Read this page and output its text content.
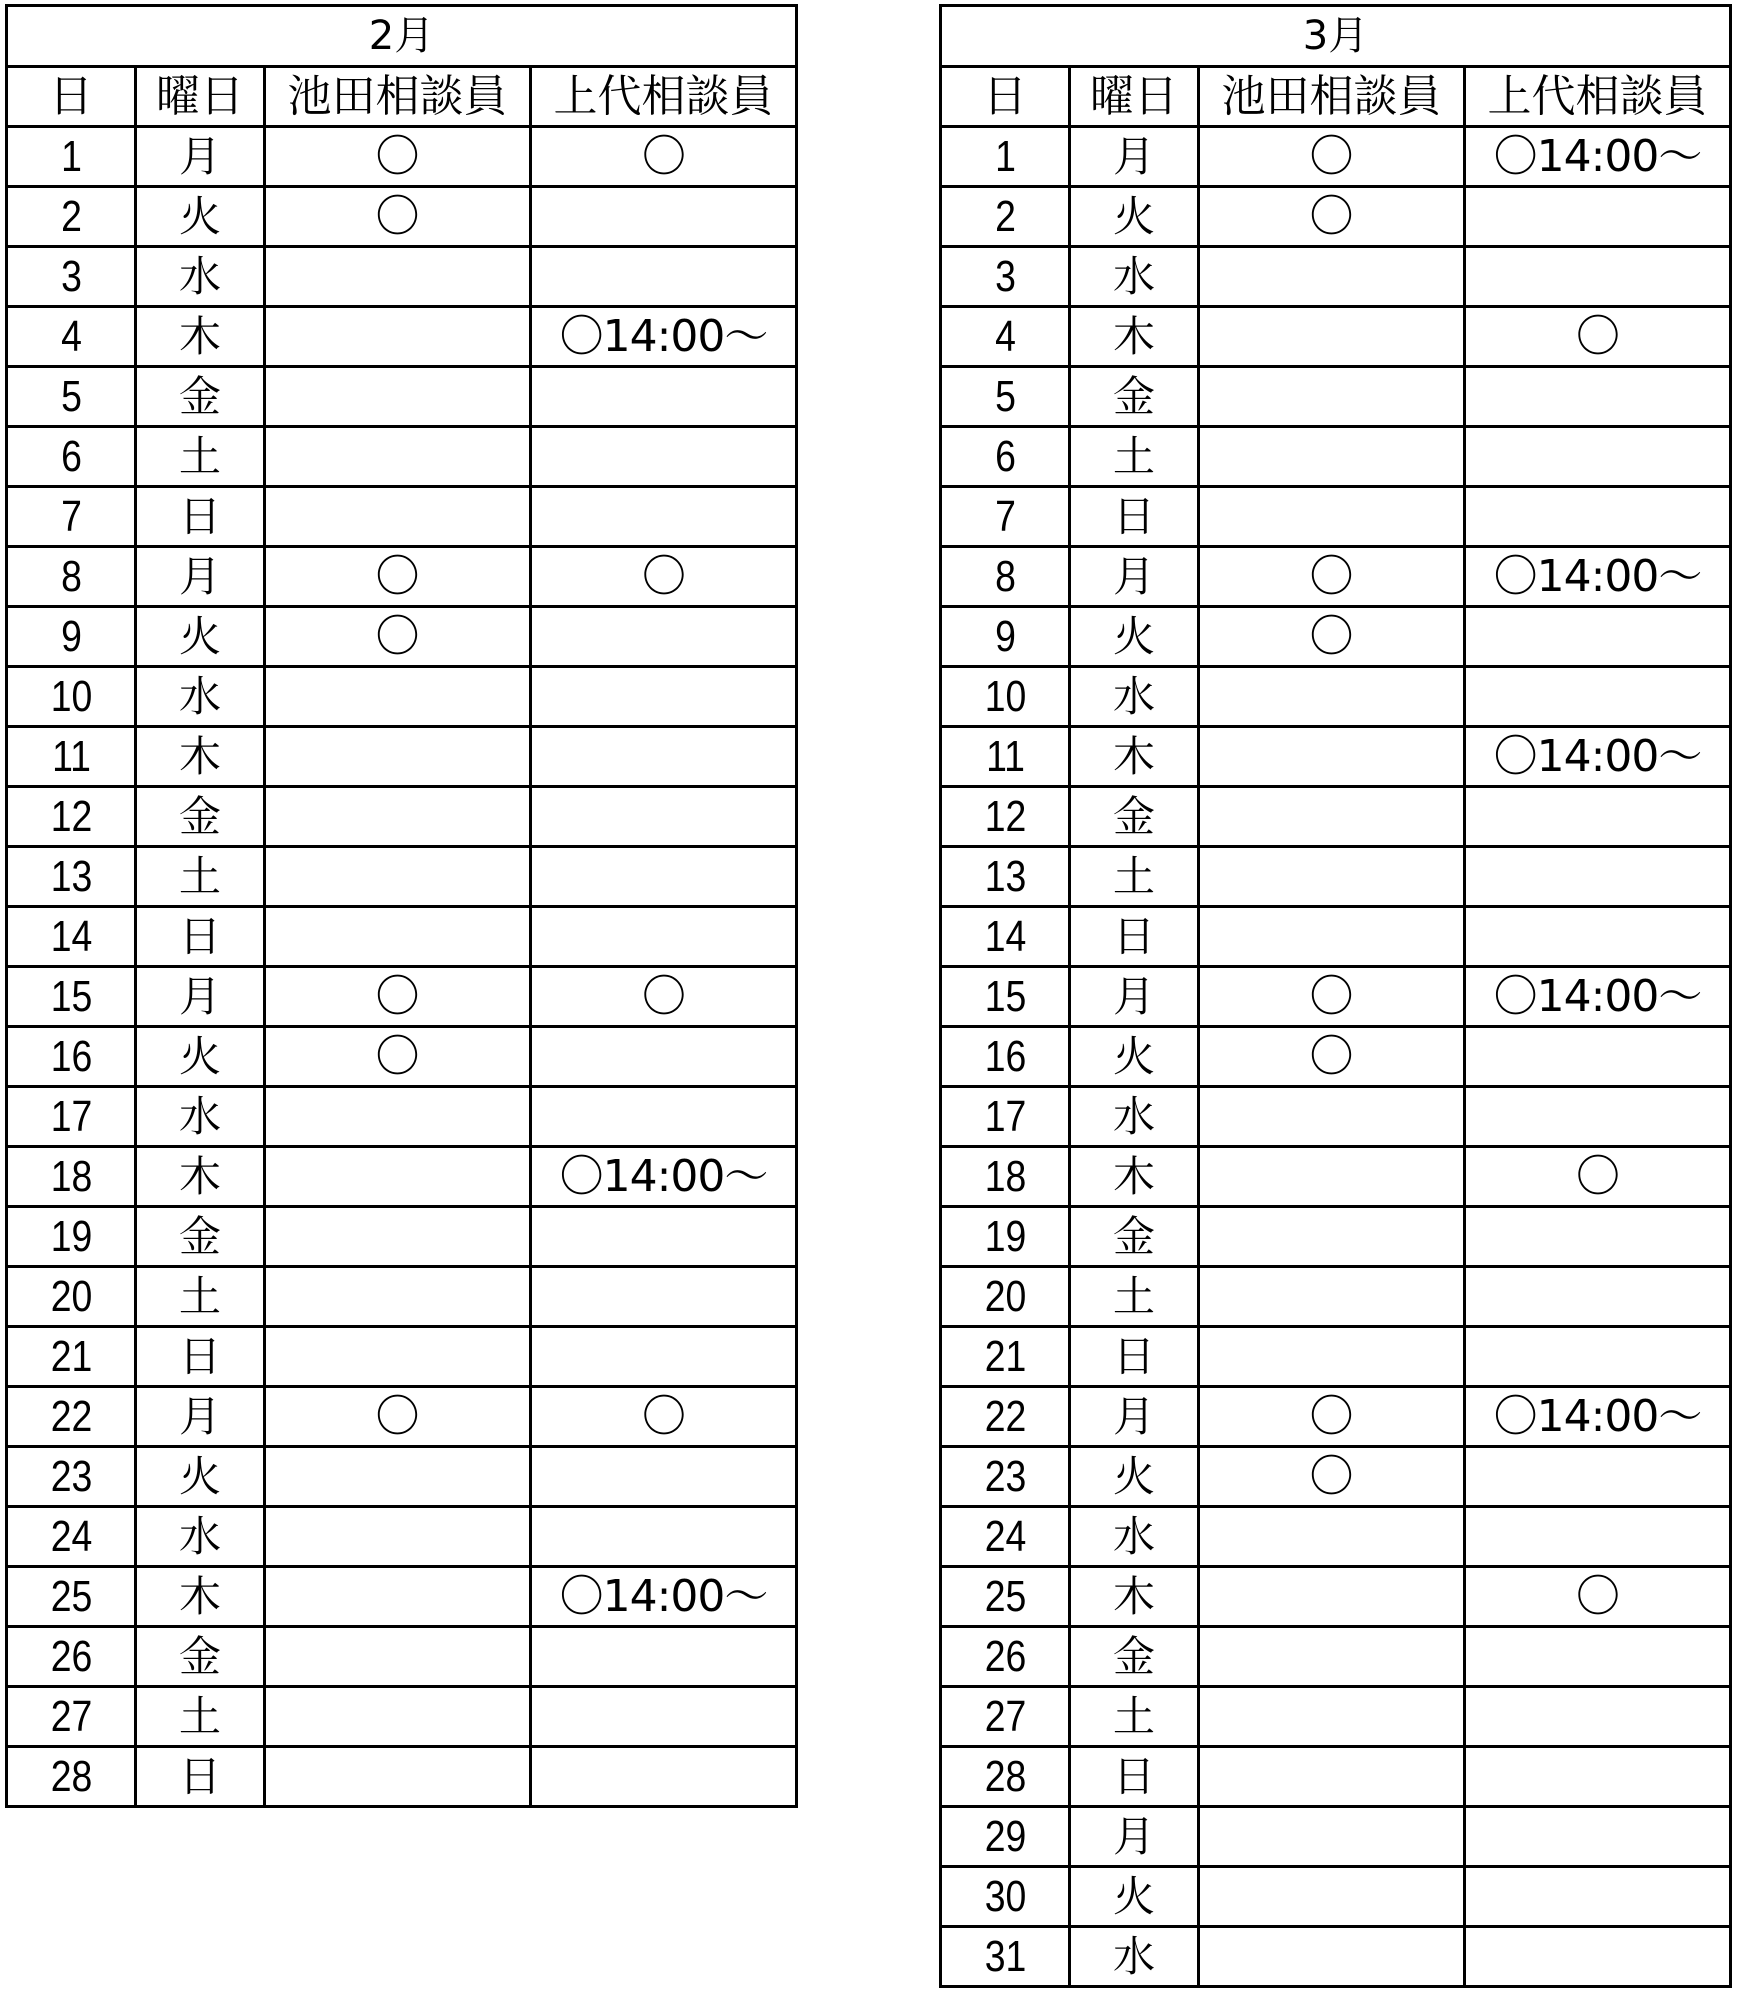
2月			
日	曜日	池田相談員	上代相談員
1	月	〇	〇
2	火	〇	
3	水		
4	木		〇14:00～
5	金		
6	土		
7	日		
8	月	〇	〇
9	火	〇	
10	水		
11	木		
12	金		
13	土		
14	日		
15	月	〇	〇
16	火	〇	
17	水		
18	木		〇14:00～
19	金		
20	土		
21	日		
22	月	〇	〇
23	火		
24	水		
25	木		〇14:00～
26	金		
27	土		
28	日		
3月			
日	曜日	池田相談員	上代相談員
1	月	〇	〇14:00～
2	火	〇	
3	水		
4	木		〇
5	金		
6	土		
7	日		
8	月	〇	〇14:00～
9	火	〇	
10	水		
11	木		〇14:00～
12	金		
13	土		
14	日		
15	月	〇	〇14:00～
16	火	〇	
17	水		
18	木		〇
19	金		
20	土		
21	日		
22	月	〇	〇14:00～
23	火	〇	
24	水		
25	木		〇
26	金		
27	土		
28	日		
29	月		
30	火		
31	水		
